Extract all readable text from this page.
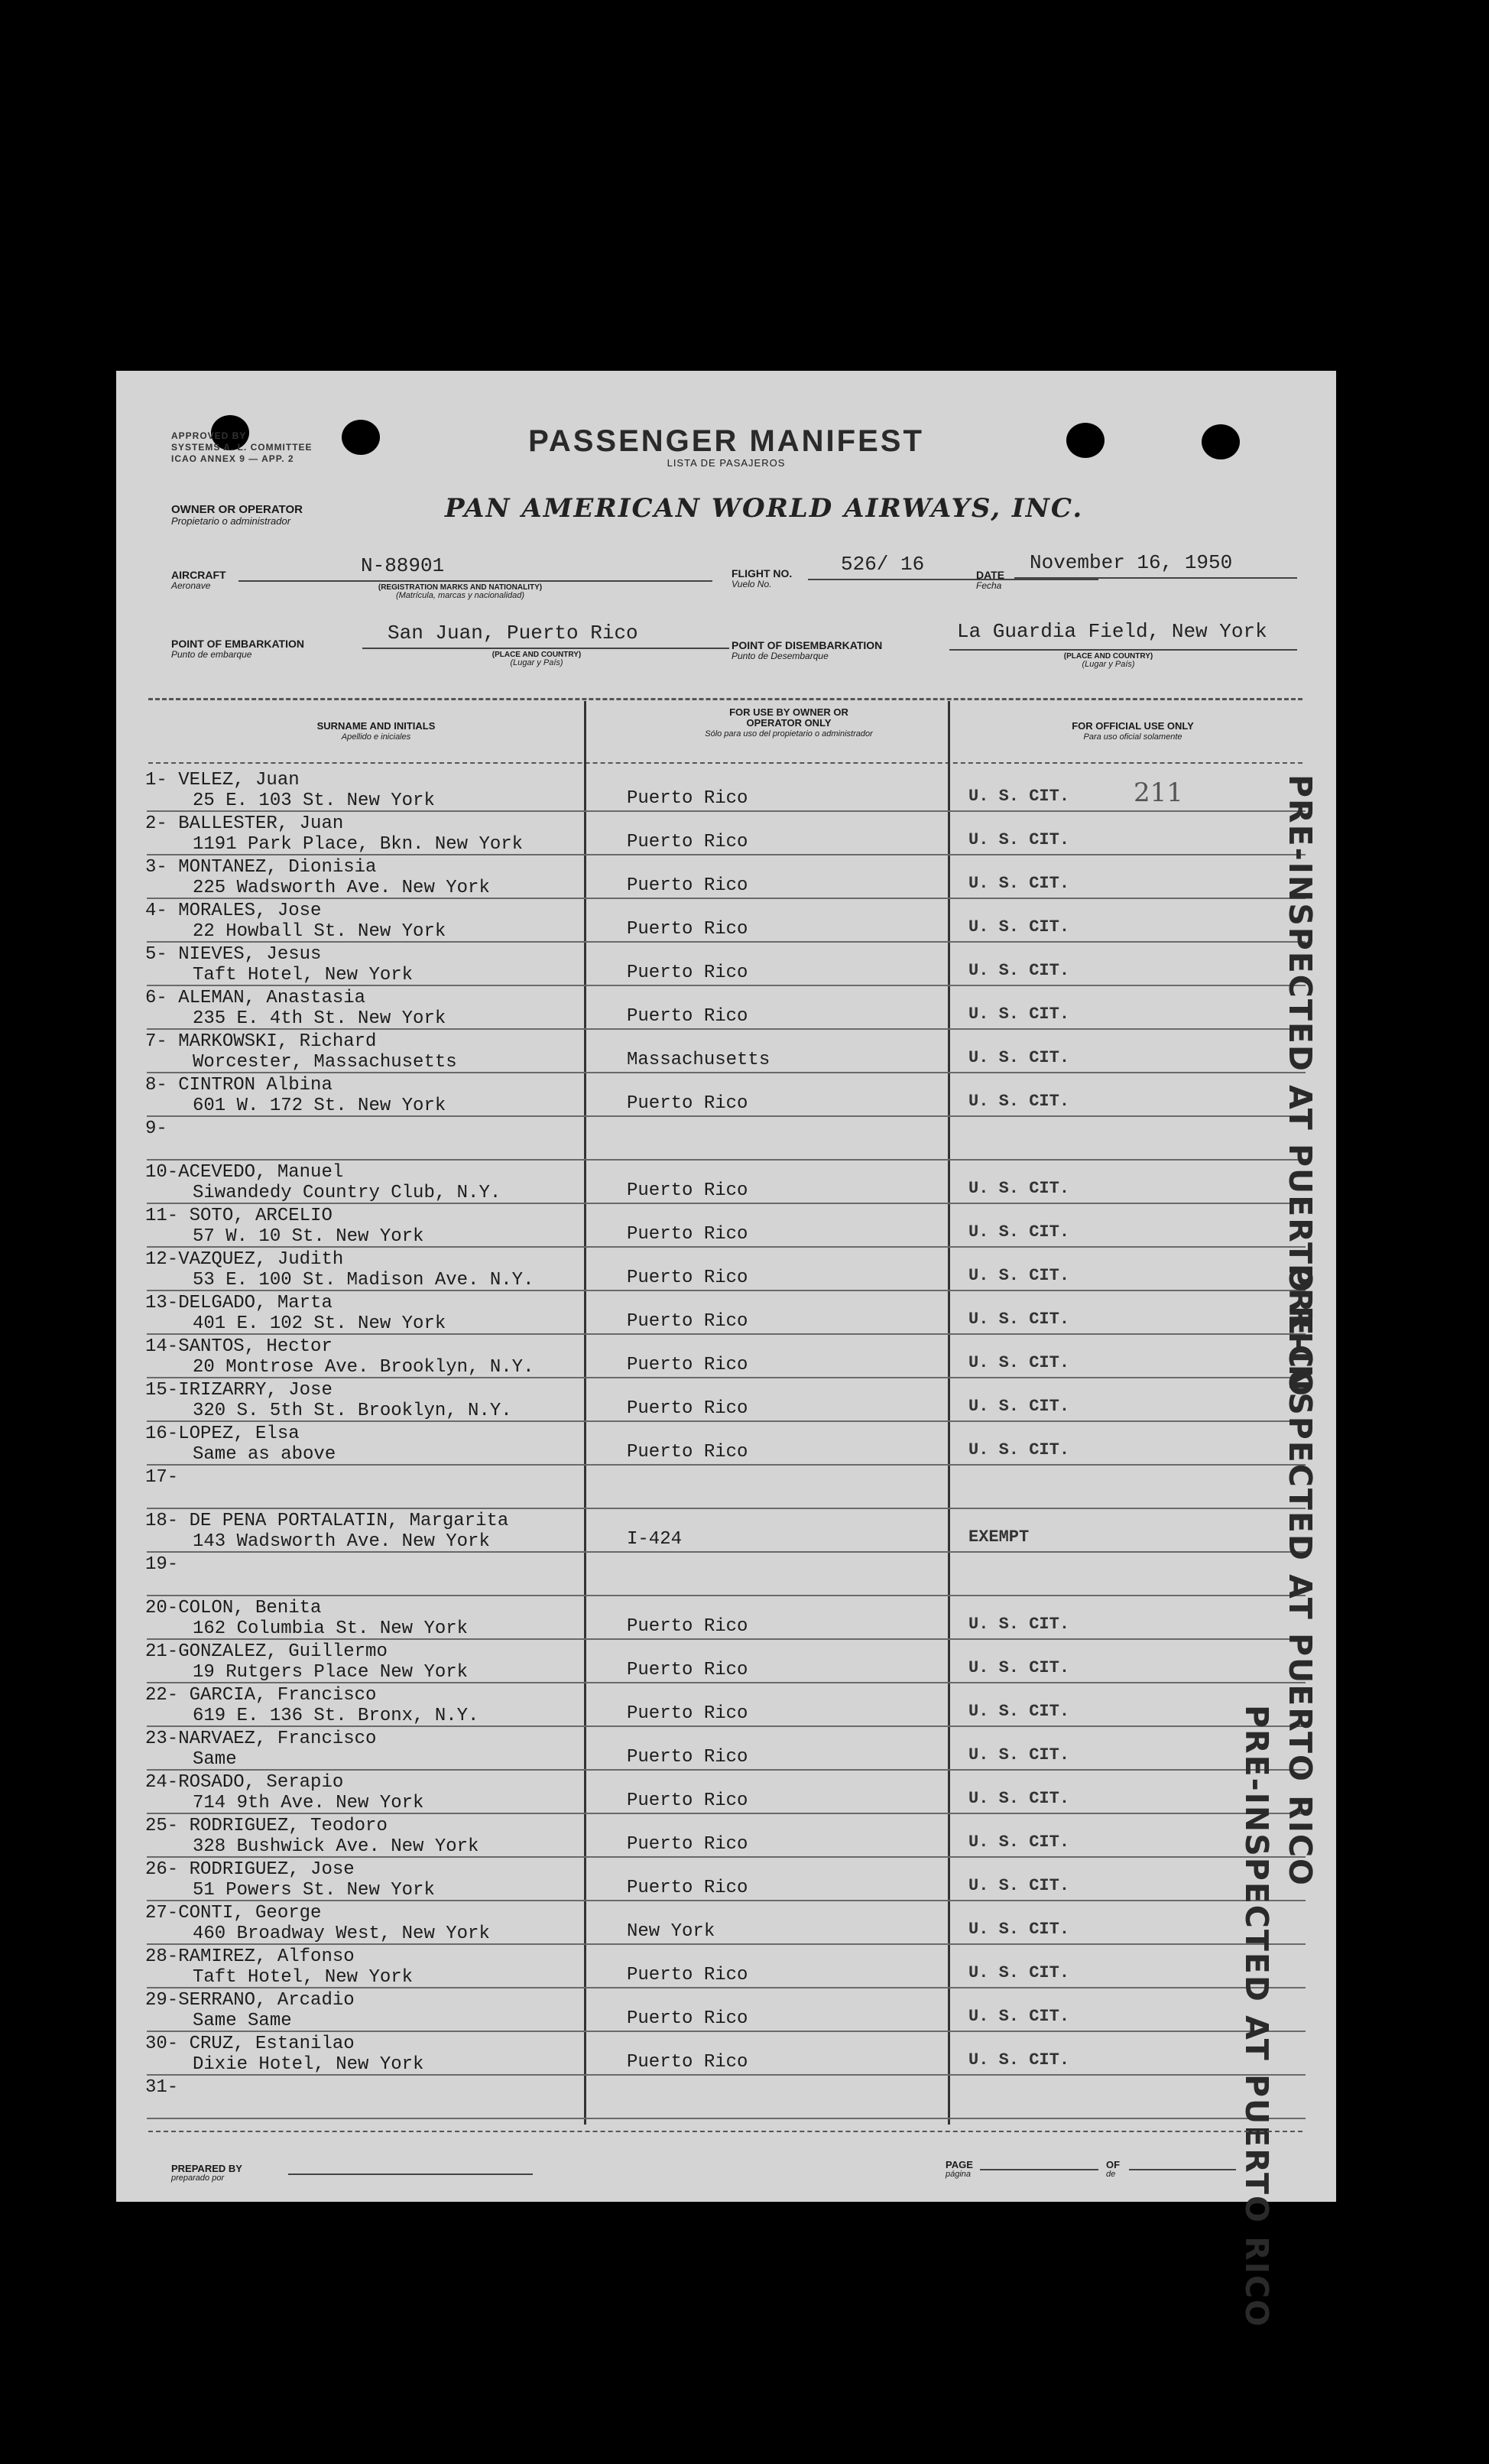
APPROVED BY
SYSTEMS A. L. COMMITTEE
ICAO ANNEX 9 — APP. 2
PASSENGER MANIFEST
LISTA DE PASAJEROS
OWNER OR OPERATOR
Propietario o administrador	PAN AMERICAN WORLD AIRWAYS, INC.
AIRCRAFT
Aeronave
N-88901
(REGISTRATION MARKS AND NATIONALITY)
(Matrícula, marcas y nacionalidad)
FLIGHT NO.
Vuelo No.
526/ 16	DATE
Fecha
November 16, 1950
POINT OF EMBARKATION
Punto de embarque
San Juan, Puerto Rico
(PLACE AND COUNTRY)
(Lugar y País)
POINT OF DISEMBARKATION
Punto de Desembarque
La Guardia Field, New York
(PLACE AND COUNTRY)
(Lugar y País)
SURNAME AND INITIALS
Apellido e iniciales
FOR USE BY OWNER OR OPERATOR ONLY
Sólo para uso del propietario o administrador
FOR OFFICIAL USE ONLY
Para uso oficial solamente
1- VELEZ, Juan
25 E. 103 St. New York	Puerto Rico	U. S. CIT.
2- BALLESTER, Juan
1191 Park Place, Bkn. New York	Puerto Rico	U. S. CIT.
3- MONTANEZ, Dionisia
225 Wadsworth Ave. New York	Puerto Rico	U. S. CIT.
4- MORALES, Jose
22 Howball St. New York	Puerto Rico	U. S. CIT.
5- NIEVES, Jesus
Taft Hotel, New York	Puerto Rico	U. S. CIT.
6- ALEMAN, Anastasia
235 E. 4th St. New York	Puerto Rico	U. S. CIT.
7- MARKOWSKI, Richard
Worcester, Massachusetts	Massachusetts	U. S. CIT.
8- CINTRON Albina
601 W. 172 St. New York	Puerto Rico	U. S. CIT.
9-
10-ACEVEDO, Manuel
Siwandedy Country Club, N.Y.	Puerto Rico	U. S. CIT.
11- SOTO, ARCELIO
57 W. 10 St. New York	Puerto Rico	U. S. CIT.
12-VAZQUEZ, Judith
53 E. 100 St. Madison Ave. N.Y.	Puerto Rico	U. S. CIT.
13-DELGADO, Marta
401 E. 102 St. New York	Puerto Rico	U. S. CIT.
14-SANTOS, Hector
20 Montrose Ave. Brooklyn, N.Y.	Puerto Rico	U. S. CIT.
15-IRIZARRY, Jose
320 S. 5th St. Brooklyn, N.Y.	Puerto Rico	U. S. CIT.
16-LOPEZ, Elsa
Same as above	Puerto Rico	U. S. CIT.
17-
18- DE PENA PORTALATIN, Margarita
143 Wadsworth Ave. New York	I-424	EXEMPT
19-
20-COLON, Benita
162 Columbia St. New York	Puerto Rico	U. S. CIT.
21-GONZALEZ, Guillermo
19 Rutgers Place New York	Puerto Rico	U. S. CIT.
22- GARCIA, Francisco
619 E. 136 St. Bronx, N.Y.	Puerto Rico	U. S. CIT.
23-NARVAEZ, Francisco
Same	Puerto Rico	U. S. CIT.
24-ROSADO, Serapio
714 9th Ave. New York	Puerto Rico	U. S. CIT.
25- RODRIGUEZ, Teodoro
328 Bushwick Ave. New York	Puerto Rico	U. S. CIT.
26- RODRIGUEZ, Jose
51 Powers St. New York	Puerto Rico	U. S. CIT.
27-CONTI, George
460 Broadway West, New York	New York	U. S. CIT.
28-RAMIREZ, Alfonso
Taft Hotel, New York	Puerto Rico	U. S. CIT.
29-SERRANO, Arcadio
Same Same	Puerto Rico	U. S. CIT.
30- CRUZ, Estanilao
Dixie Hotel, New York	Puerto Rico	U. S. CIT.
31-
211	PRE-INSPECTED AT PUERTO RICO
PRE-INSPECTED AT PUERTO RICO
PRE-INSPECTED AT PUERTO RICO
PREPARED BY
preparado por
PAGE
página
OF
de
